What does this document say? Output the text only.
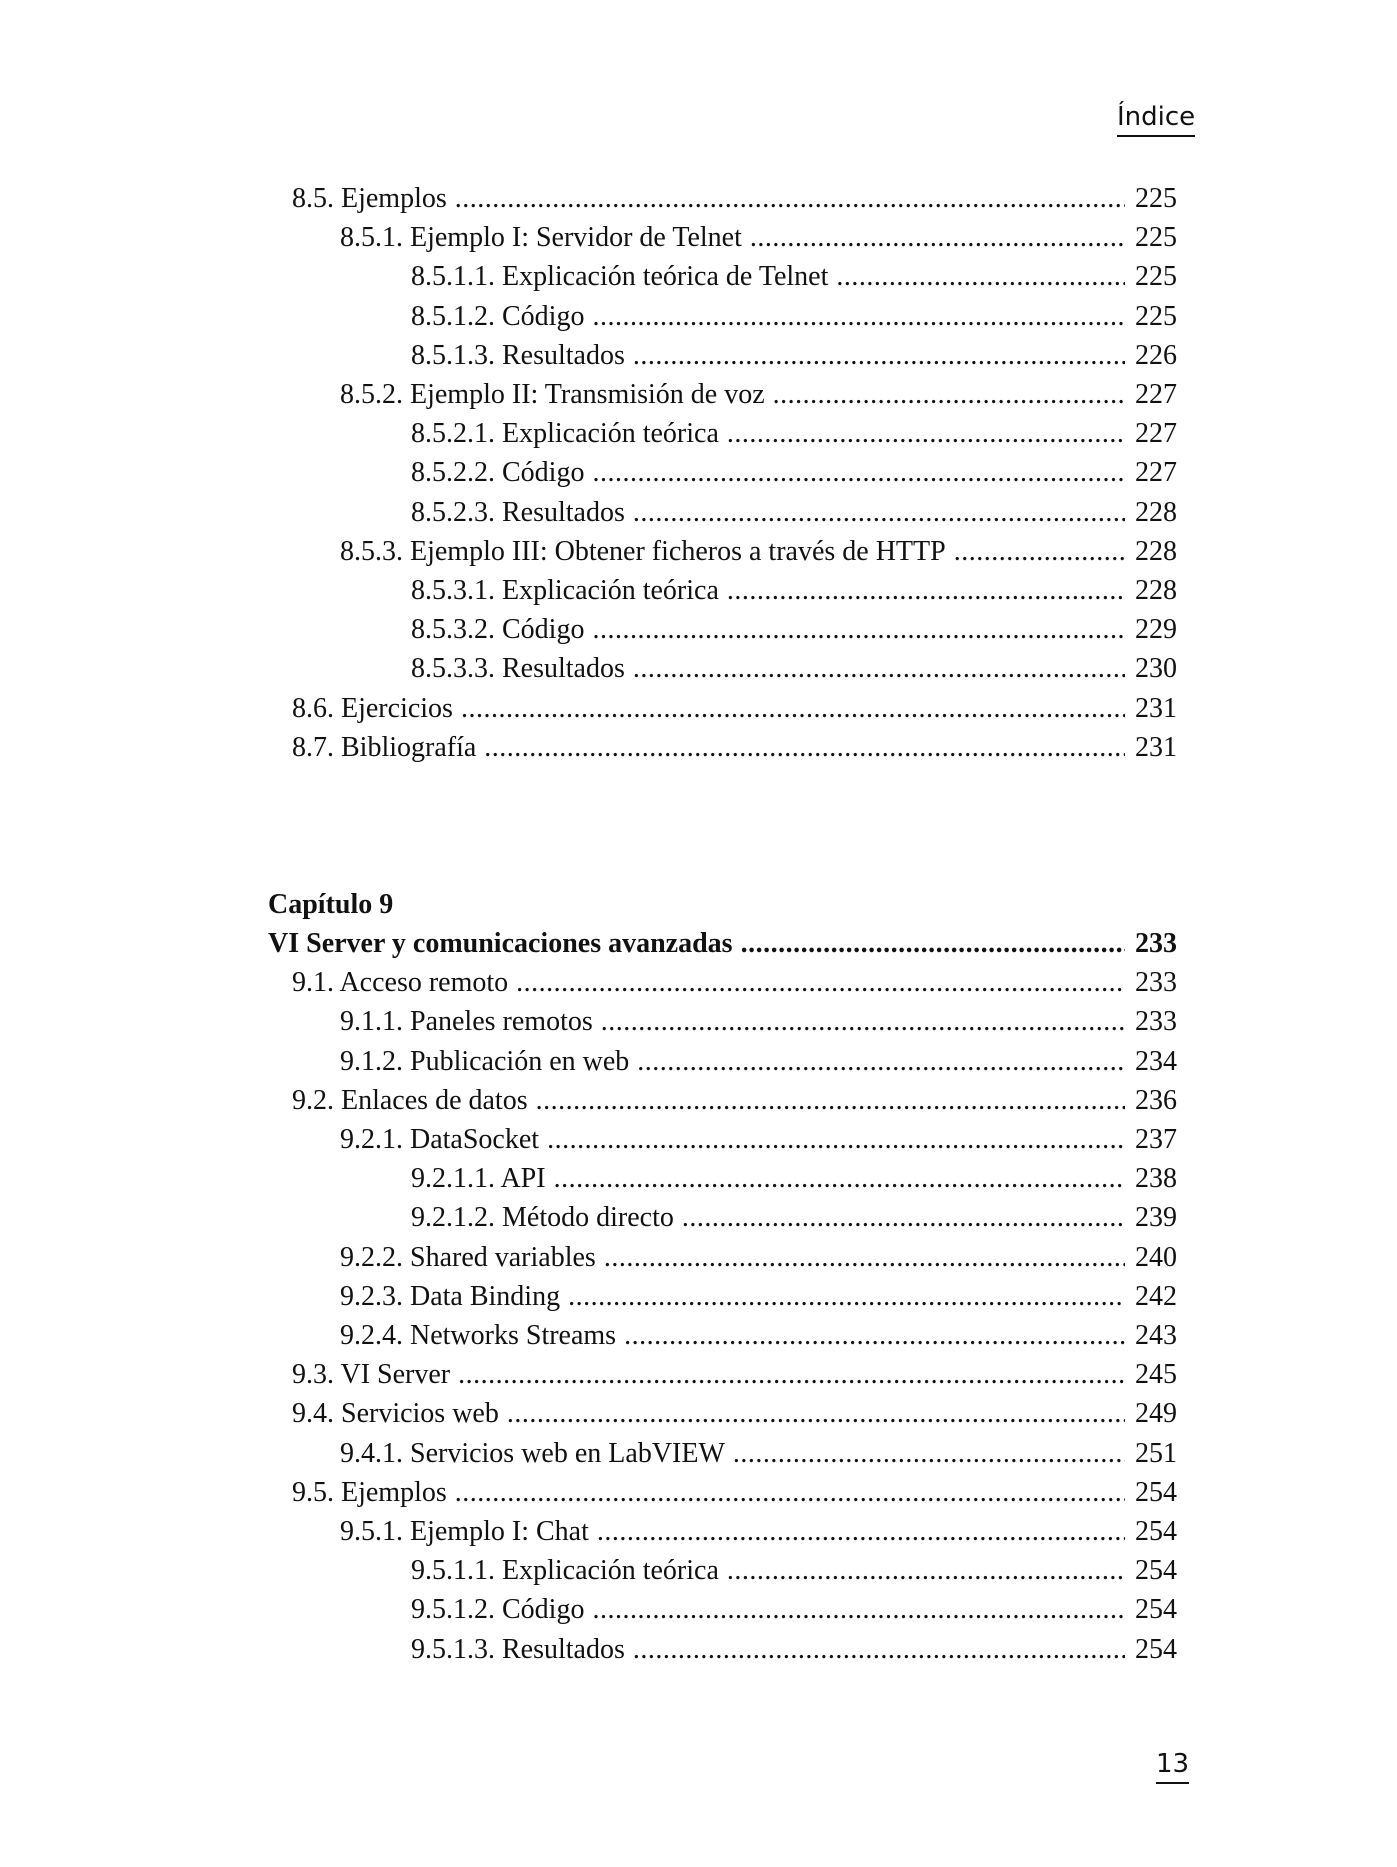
Índice
Capítulo 9
8.5. Ejemplos .....	225
8.5.1. Ejemplo I: Servidor de Telnet .....	225
8.5.1.1. Explicación teórica de Telnet .....	225
8.5.1.2. Código .....	225
8.5.1.3. Resultados .....	226
8.5.2. Ejemplo II: Transmisión de voz .....	227
8.5.2.1. Explicación teórica .....	227
8.5.2.2. Código .....	227
8.5.2.3. Resultados .....	228
8.5.3. Ejemplo III: Obtener ficheros a través de HTTP .....	228
8.5.3.1. Explicación teórica .....	228
8.5.3.2. Código .....	229
8.5.3.3. Resultados .....	230
8.6. Ejercicios .....	231
8.7. Bibliografía .....	231
VI Server y comunicaciones avanzadas .....	233
9.1. Acceso remoto .....	233
9.1.1. Paneles remotos .....	233
9.1.2. Publicación en web .....	234
9.2. Enlaces de datos .....	236
9.2.1. DataSocket .....	237
9.2.1.1. API .....	238
9.2.1.2. Método directo .....	239
9.2.2. Shared variables .....	240
9.2.3. Data Binding .....	242
9.2.4. Networks Streams .....	243
9.3. VI Server .....	245
9.4. Servicios web .....	249
9.4.1. Servicios web en LabVIEW .....	251
9.5. Ejemplos .....	254
9.5.1. Ejemplo I: Chat .....	254
9.5.1.1. Explicación teórica .....	254
9.5.1.2. Código .....	254
9.5.1.3. Resultados .....	254
13
